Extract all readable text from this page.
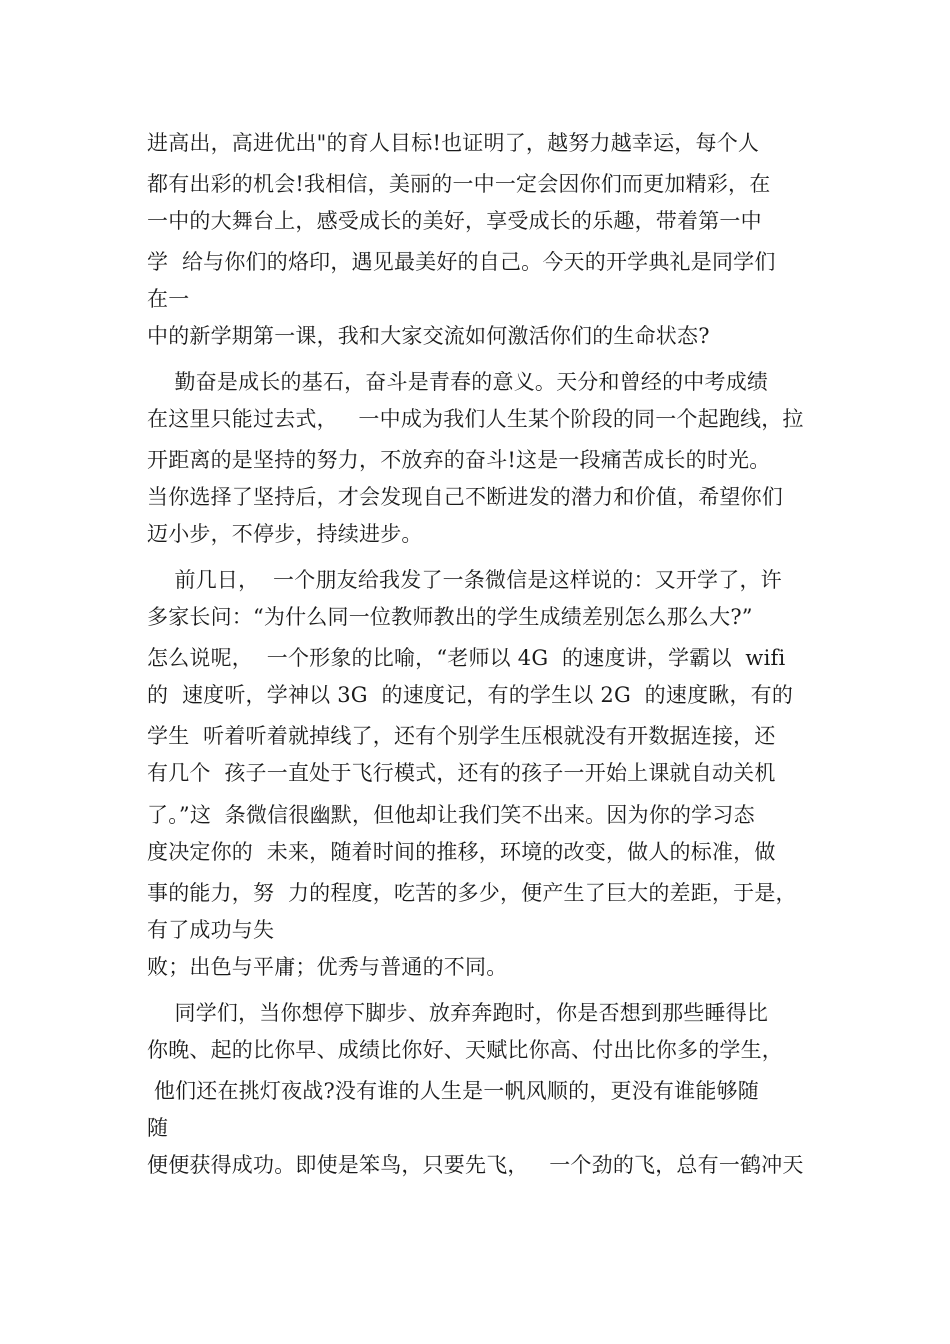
进高出，高进优出"的育人目标!也证明了，越努力越幸运，每个人
都有出彩的机会!我相信，美丽的一中一定会因你们而更加精彩，在
一中的大舞台上，感受成长的美好，享受成长的乐趣，带着第一中
学  给与你们的烙印，遇见最美好的自己。今天的开学典礼是同学们
在一
中的新学期第一课，我和大家交流如何激活你们的生命状态?
勤奋是成长的基石，奋斗是青春的意义。天分和曾经的中考成绩
在这里只能过去式，   一中成为我们人生某个阶段的同一个起跑线，拉
开距离的是坚持的努力，不放弃的奋斗!这是一段痛苦成长的时光。
当你选择了坚持后，才会发现自己不断进发的潜力和价值，希望你们
迈小步，不停步，持续进步。
前几日，  一个朋友给我发了一条微信是这样说的：又开学了，许
多家长问：“为什么同一位教师教出的学生成绩差别怎么那么大?”
怎么说呢，  一个形象的比喻，“老师以 4G  的速度讲，学霸以  wifi
的  速度听，学神以 3G  的速度记，有的学生以 2G  的速度瞅，有的
学生  听着听着就掉线了，还有个别学生压根就没有开数据连接，还
有几个  孩子一直处于飞行模式，还有的孩子一开始上课就自动关机
了。”这  条微信很幽默，但他却让我们笑不出来。因为你的学习态
度决定你的  未来，随着时间的推移，环境的改变，做人的标准，做
事的能力，努  力的程度，吃苦的多少，便产生了巨大的差距，于是，
有了成功与失
败；出色与平庸；优秀与普通的不同。
同学们，当你想停下脚步、放弃奔跑时，你是否想到那些睡得比
你晚、起的比你早、成绩比你好、天赋比你高、付出比你多的学生，
他们还在挑灯夜战?没有谁的人生是一帆风顺的，更没有谁能够随
随
便便获得成功。即使是笨鸟，只要先飞，   一个劲的飞，总有一鹤冲天
